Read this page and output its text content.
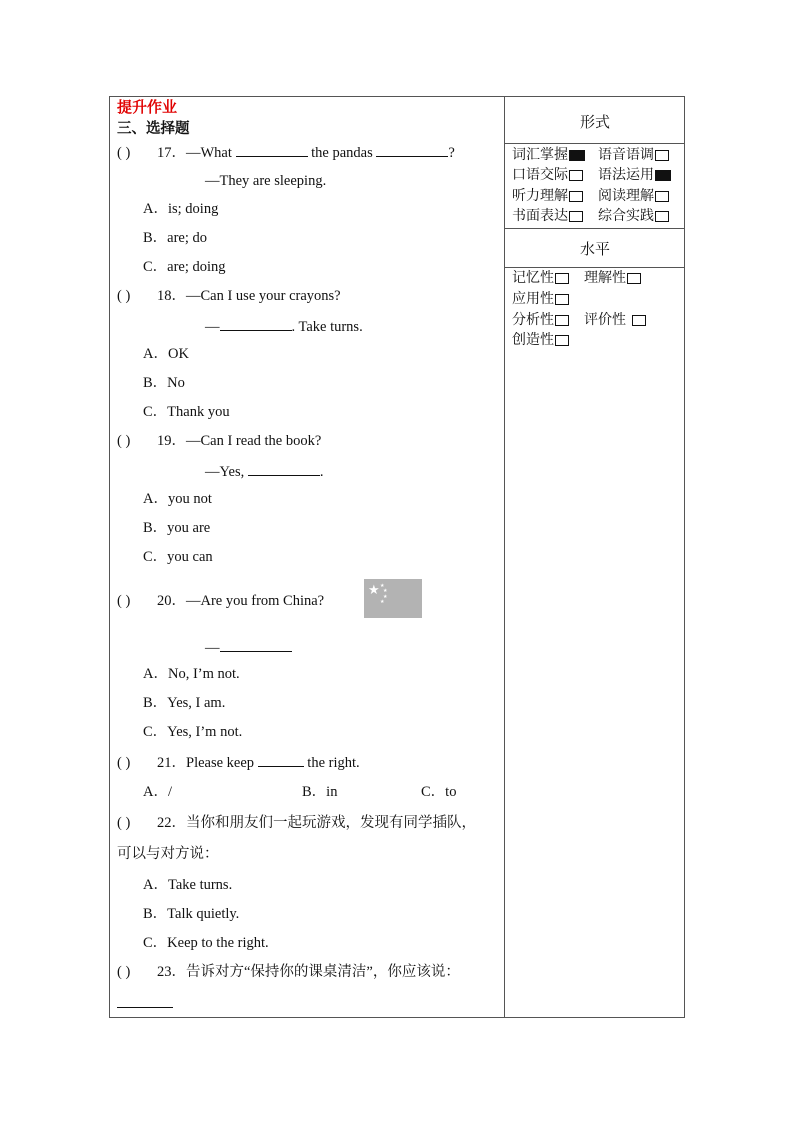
提升作业
三、选择题
( ) 17．—What	the pandas	?
—They are sleeping.
A．is; doing
B．are; do
C．are; doing
( ) 18．—Can I use your crayons?
—	. Take turns.
A．OK
B．No
C．Thank you
( ) 19．—Can I read the book?
—Yes,	.
A．you not
B．you are
C．you can
( ) 20．—Are you from China?
★ ★
★
★
★
—
A．No, I’m not.
B．Yes, I am.
C．Yes, I’m not.
( ) 21．Please keep	the right.
A．/	B．in	C．to
( ) 22．当你和朋友们一起玩游戏，发现有同学插队，
可以与对方说：
A．Take turns.
B．Talk quietly.
C．Keep to the right.
( ) 23．告诉对方“保持你的课桌清洁”，你应该说：
形式
词汇掌握	语音语调
口语交际	语法运用
听力理解	阅读理解
书面表达	综合实践
水平
记忆性	理解性
应用性
分析性	评价性
创造性
